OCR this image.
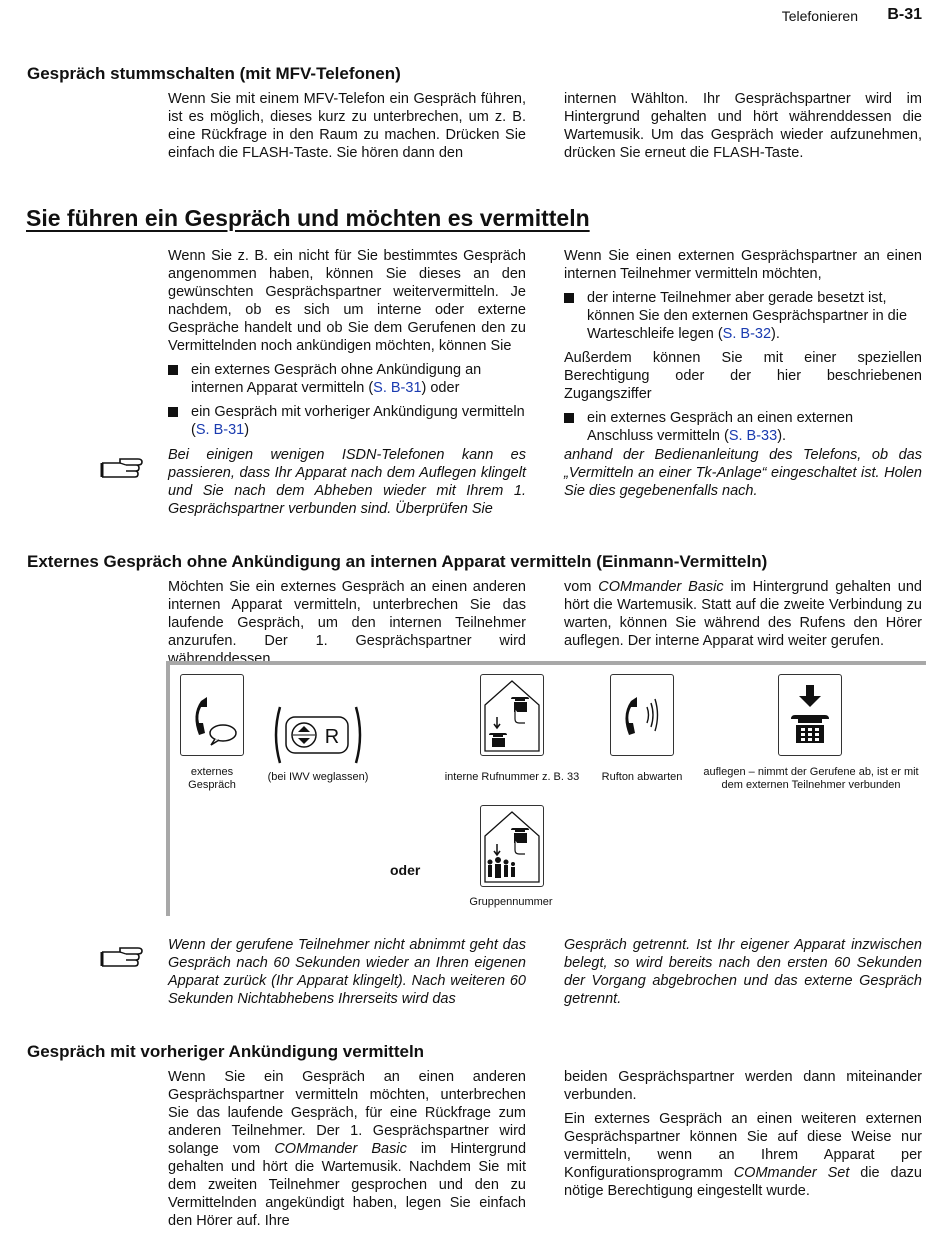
Telefonieren B-31
Gespräch stummschalten (mit MFV-Telefonen)

Wenn Sie mit einem MFV-Telefon ein Gespräch führen, ist es möglich, dieses kurz zu unterbrechen, um z. B. eine Rückfrage in den Raum zu machen. Drücken Sie einfach die FLASH-Taste. Sie hören dann den

internen Wählton. Ihr Gesprächspartner wird im Hintergrund gehalten und hört währenddessen die Wartemusik. Um das Gespräch wieder aufzunehmen, drücken Sie erneut die FLASH-Taste.

Sie führen ein Gespräch und möchten es vermitteln

Wenn Sie z. B. ein nicht für Sie bestimmtes Gespräch angenommen haben, können Sie dieses an den gewünschten Gesprächspartner weitervermitteln. Je nachdem, ob es sich um interne oder externe Gespräche handelt und ob Sie dem Gerufenen den zu Vermittelnden noch ankündigen möchten, können Sie

ein externes Gespräch ohne Ankündigung an internen Apparat vermitteln (S. B-31) oder
ein Gespräch mit vorheriger Ankündigung vermitteln (S. B-31)

Wenn Sie einen externen Gesprächspartner an einen internen Teilnehmer vermitteln möchten,

der interne Teilnehmer aber gerade besetzt ist, können Sie den externen Gesprächspartner in die Warteschleife legen (S. B-32).

Außerdem können Sie mit einer speziellen Berechtigung oder der hier beschriebenen Zugangsziffer

ein externes Gespräch an einen externen Anschluss vermitteln (S. B-33).

Bei einigen wenigen ISDN-Telefonen kann es passieren, dass Ihr Apparat nach dem Auflegen klingelt und Sie nach dem Abheben wieder mit Ihrem 1. Gesprächspartner verbunden sind. Überprüfen Sie

anhand der Bedienanleitung des Telefons, ob das „Vermitteln an einer Tk-Anlage“ eingeschaltet ist. Holen Sie dies gegebenenfalls nach.

Externes Gespräch ohne Ankündigung an internen Apparat vermitteln (Einmann-Vermitteln)

Möchten Sie ein externes Gespräch an einen anderen internen Apparat vermitteln, unterbrechen Sie das laufende Gespräch, um den internen Teilnehmer anzurufen. Der 1. Gesprächspartner wird währenddessen

vom COMmander Basic im Hintergrund gehalten und hört die Wartemusik. Statt auf die zweite Verbindung zu warten, können Sie während des Rufens den Hörer auflegen. Der interne Apparat wird weiter gerufen.

externes Gespräch
R
(bei IWV weglassen)	interne Rufnummer z. B. 33	Rufton abwarten	auflegen – nimmt der Gerufene ab, ist er mit dem externen Teilnehmer verbunden
oder
Gruppennummer

Wenn der gerufene Teilnehmer nicht abnimmt geht das Gespräch nach 60 Sekunden wieder an Ihren eigenen Apparat zurück (Ihr Apparat klingelt). Nach weiteren 60 Sekunden Nichtabhebens Ihrerseits wird das

Gespräch getrennt. Ist Ihr eigener Apparat inzwischen belegt, so wird bereits nach den ersten 60 Sekunden der Vorgang abgebrochen und das externe Gespräch getrennt.

Gespräch mit vorheriger Ankündigung vermitteln

Wenn Sie ein Gespräch an einen anderen Gesprächspartner vermitteln möchten, unterbrechen Sie das laufende Gespräch, für eine Rückfrage zum anderen Teilnehmer. Der 1. Gesprächspartner wird solange vom COMmander Basic im Hintergrund gehalten und hört die Wartemusik. Nachdem Sie mit dem zweiten Teilnehmer gesprochen und den zu Vermittelnden angekündigt haben, legen Sie einfach den Hörer auf. Ihre

beiden Gesprächspartner werden dann miteinander verbunden.

Ein externes Gespräch an einen weiteren externen Gesprächspartner können Sie auf diese Weise nur vermitteln, wenn an Ihrem Apparat per Konfigurationsprogramm COMmander Set die dazu nötige Berechtigung eingestellt wurde.
